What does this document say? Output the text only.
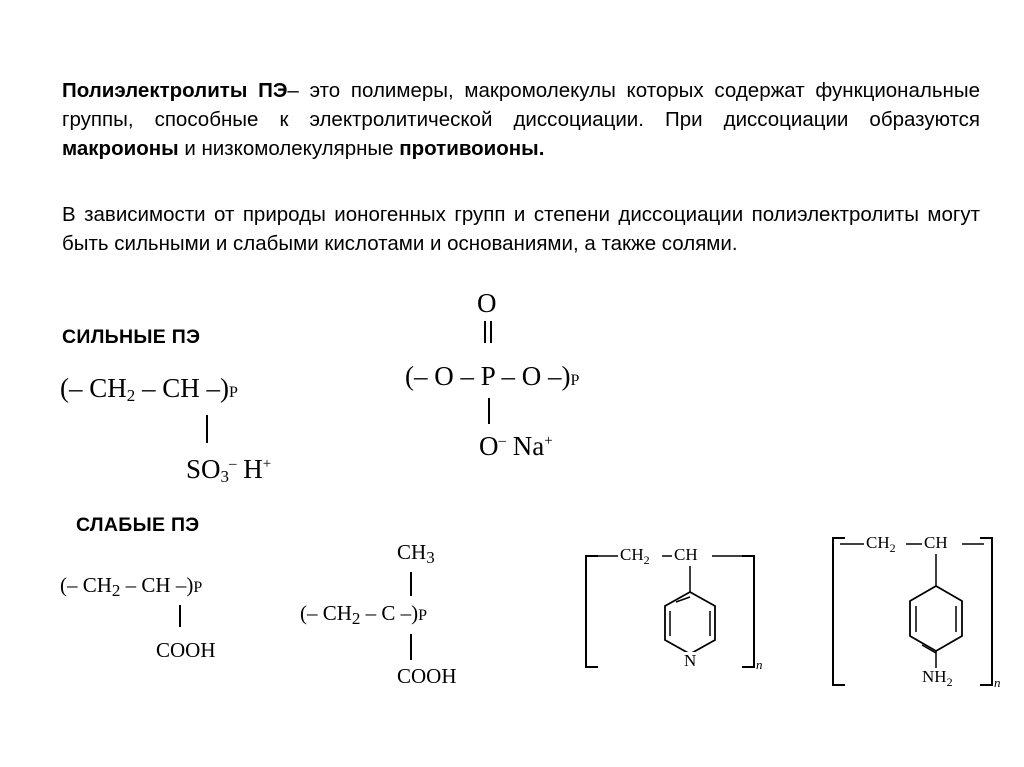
Полиэлектролиты ПЭ– это полимеры, макромолекулы которых содержат функциональные группы, способные к электролитической диссоциации. При диссоциации образуются макроионы и низкомолекулярные противоионы.
В зависимости от природы ионогенных групп и степени диссоциации полиэлектролиты могут быть сильными и слабыми кислотами и основаниями, а также солями.
СИЛЬНЫЕ ПЭ
СЛАБЫЕ ПЭ
(– $CH_2$ – CH –)P
$SO_3^-$ H+
O
(– O – P – O –)P
O– Na+
(– $CH_2$ – CH –)P
COOH
$CH_3$
(– $CH_2$ – C –)P
COOH
$CH_2$ CH
N	n
$CH_2$ CH
$NH_2$	n
